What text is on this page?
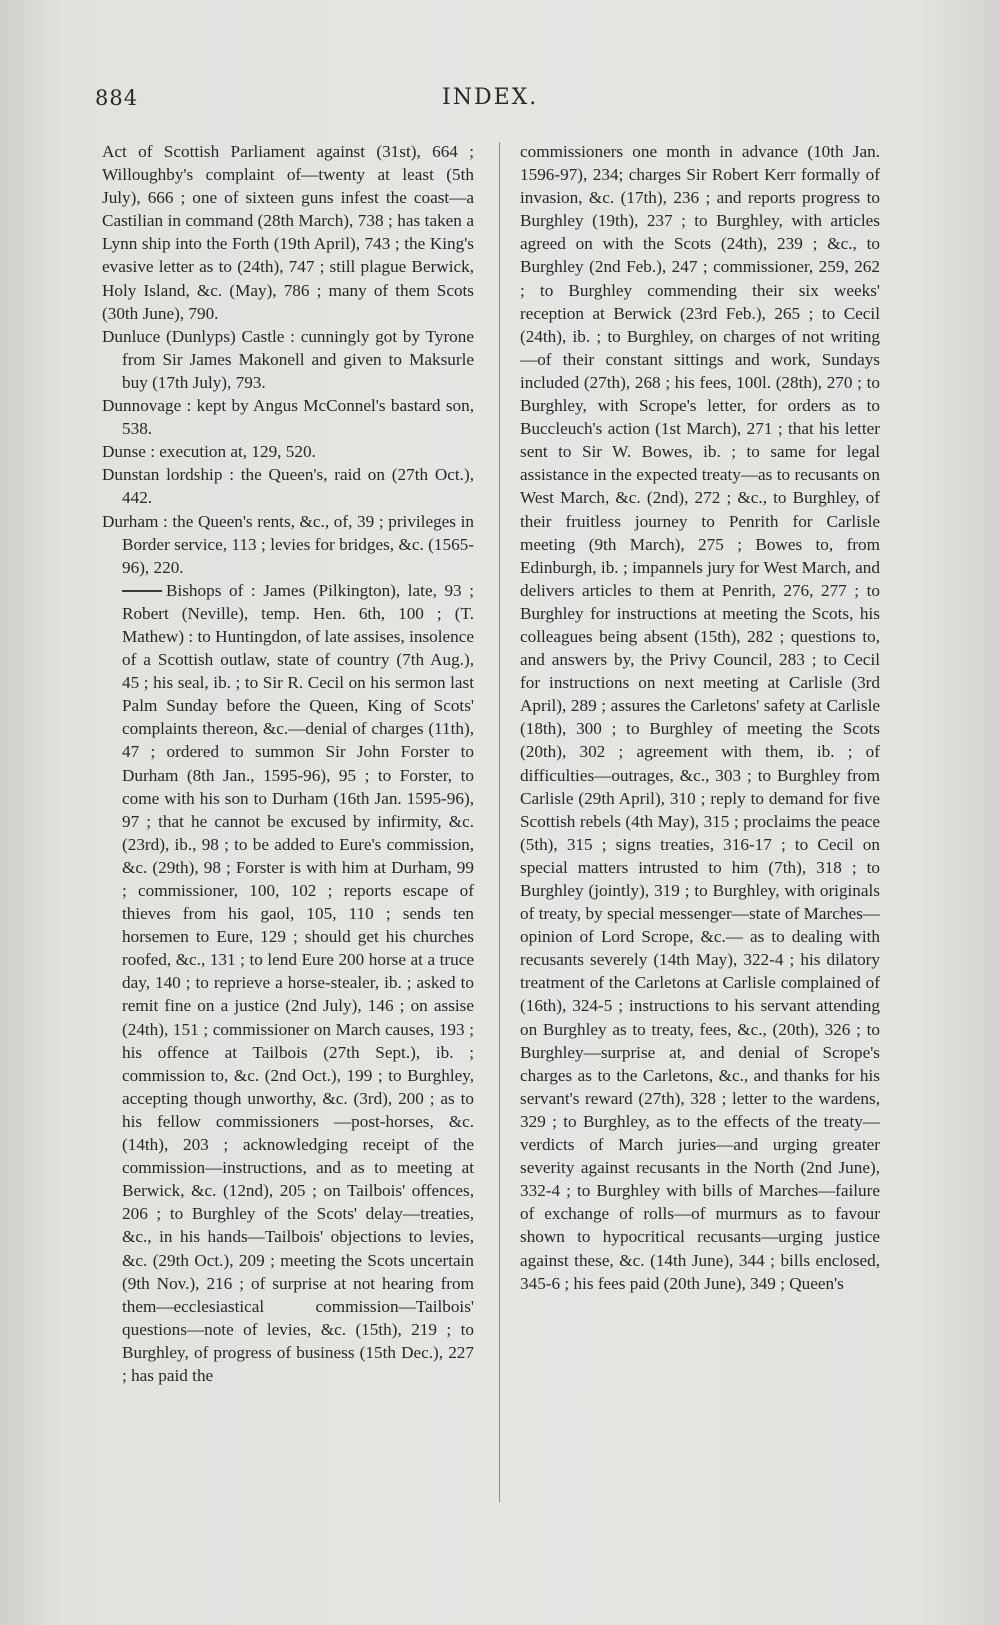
884	INDEX.

Act of Scottish Parliament against (31st), 664 ; Willoughby's complaint of—twenty at least (5th July), 666 ; one of sixteen guns infest the coast—a Castilian in command (28th March), 738 ; has taken a Lynn ship into the Forth (19th April), 743 ; the King's evasive letter as to (24th), 747 ; still plague Berwick, Holy Island, &c. (May), 786 ; many of them Scots (30th June), 790.

Dunluce (Dunlyps) Castle : cunningly got by Tyrone from Sir James Makonell and given to Maksurle buy (17th July), 793.

Dunnovage : kept by Angus McConnel's bastard son, 538.

Dunse : execution at, 129, 520.

Dunstan lordship : the Queen's, raid on (27th Oct.), 442.

Durham : the Queen's rents, &c., of, 39 ; privileges in Border service, 113 ; levies for bridges, &c. (1565-96), 220.

Bishops of : James (Pilkington), late, 93 ; Robert (Neville), temp. Hen. 6th, 100 ; (T. Mathew) : to Huntingdon, of late assises, insolence of a Scottish outlaw, state of country (7th Aug.), 45 ; his seal, ib. ; to Sir R. Cecil on his sermon last Palm Sunday before the Queen, King of Scots' complaints thereon, &c.—denial of charges (11th), 47 ; ordered to summon Sir John Forster to Durham (8th Jan., 1595-96), 95 ; to Forster, to come with his son to Durham (16th Jan. 1595-96), 97 ; that he cannot be excused by infirmity, &c. (23rd), ib., 98 ; to be added to Eure's commission, &c. (29th), 98 ; Forster is with him at Durham, 99 ; commissioner, 100, 102 ; reports escape of thieves from his gaol, 105, 110 ; sends ten horsemen to Eure, 129 ; should get his churches roofed, &c., 131 ; to lend Eure 200 horse at a truce day, 140 ; to reprieve a horse-stealer, ib. ; asked to remit fine on a justice (2nd July), 146 ; on assise (24th), 151 ; commissioner on March causes, 193 ; his offence at Tailbois (27th Sept.), ib. ; commission to, &c. (2nd Oct.), 199 ; to Burghley, accepting though unworthy, &c. (3rd), 200 ; as to his fellow commissioners —post-horses, &c. (14th), 203 ; acknowledging receipt of the commission—instructions, and as to meeting at Berwick, &c. (12nd), 205 ; on Tailbois' offences, 206 ; to Burghley of the Scots' delay—treaties, &c., in his hands—Tailbois' objections to levies, &c. (29th Oct.), 209 ; meeting the Scots uncertain (9th Nov.), 216 ; of surprise at not hearing from them—ecclesiastical commission—Tailbois' questions—note of levies, &c. (15th), 219 ; to Burghley, of progress of business (15th Dec.), 227 ; has paid the

commissioners one month in advance (10th Jan. 1596-97), 234; charges Sir Robert Kerr formally of invasion, &c. (17th), 236 ; and reports progress to Burghley (19th), 237 ; to Burghley, with articles agreed on with the Scots (24th), 239 ; &c., to Burghley (2nd Feb.), 247 ; commissioner, 259, 262 ; to Burghley commending their six weeks' reception at Berwick (23rd Feb.), 265 ; to Cecil (24th), ib. ; to Burghley, on charges of not writing—of their constant sittings and work, Sundays included (27th), 268 ; his fees, 100l. (28th), 270 ; to Burghley, with Scrope's letter, for orders as to Buccleuch's action (1st March), 271 ; that his letter sent to Sir W. Bowes, ib. ; to same for legal assistance in the expected treaty—as to recusants on West March, &c. (2nd), 272 ; &c., to Burghley, of their fruitless journey to Penrith for Carlisle meeting (9th March), 275 ; Bowes to, from Edinburgh, ib. ; impannels jury for West March, and delivers articles to them at Penrith, 276, 277 ; to Burghley for instructions at meeting the Scots, his colleagues being absent (15th), 282 ; questions to, and answers by, the Privy Council, 283 ; to Cecil for instructions on next meeting at Carlisle (3rd April), 289 ; assures the Carletons' safety at Carlisle (18th), 300 ; to Burghley of meeting the Scots (20th), 302 ; agreement with them, ib. ; of difficulties—outrages, &c., 303 ; to Burghley from Carlisle (29th April), 310 ; reply to demand for five Scottish rebels (4th May), 315 ; proclaims the peace (5th), 315 ; signs treaties, 316-17 ; to Cecil on special matters intrusted to him (7th), 318 ; to Burghley (jointly), 319 ; to Burghley, with originals of treaty, by special messenger—state of Marches—opinion of Lord Scrope, &c.— as to dealing with recusants severely (14th May), 322-4 ; his dilatory treatment of the Carletons at Carlisle complained of (16th), 324-5 ; instructions to his servant attending on Burghley as to treaty, fees, &c., (20th), 326 ; to Burghley—surprise at, and denial of Scrope's charges as to the Carletons, &c., and thanks for his servant's reward (27th), 328 ; letter to the wardens, 329 ; to Burghley, as to the effects of the treaty— verdicts of March juries—and urging greater severity against recusants in the North (2nd June), 332-4 ; to Burghley with bills of Marches—failure of exchange of rolls—of murmurs as to favour shown to hypocritical recusants—urging justice against these, &c. (14th June), 344 ; bills enclosed, 345-6 ; his fees paid (20th June), 349 ; Queen's
